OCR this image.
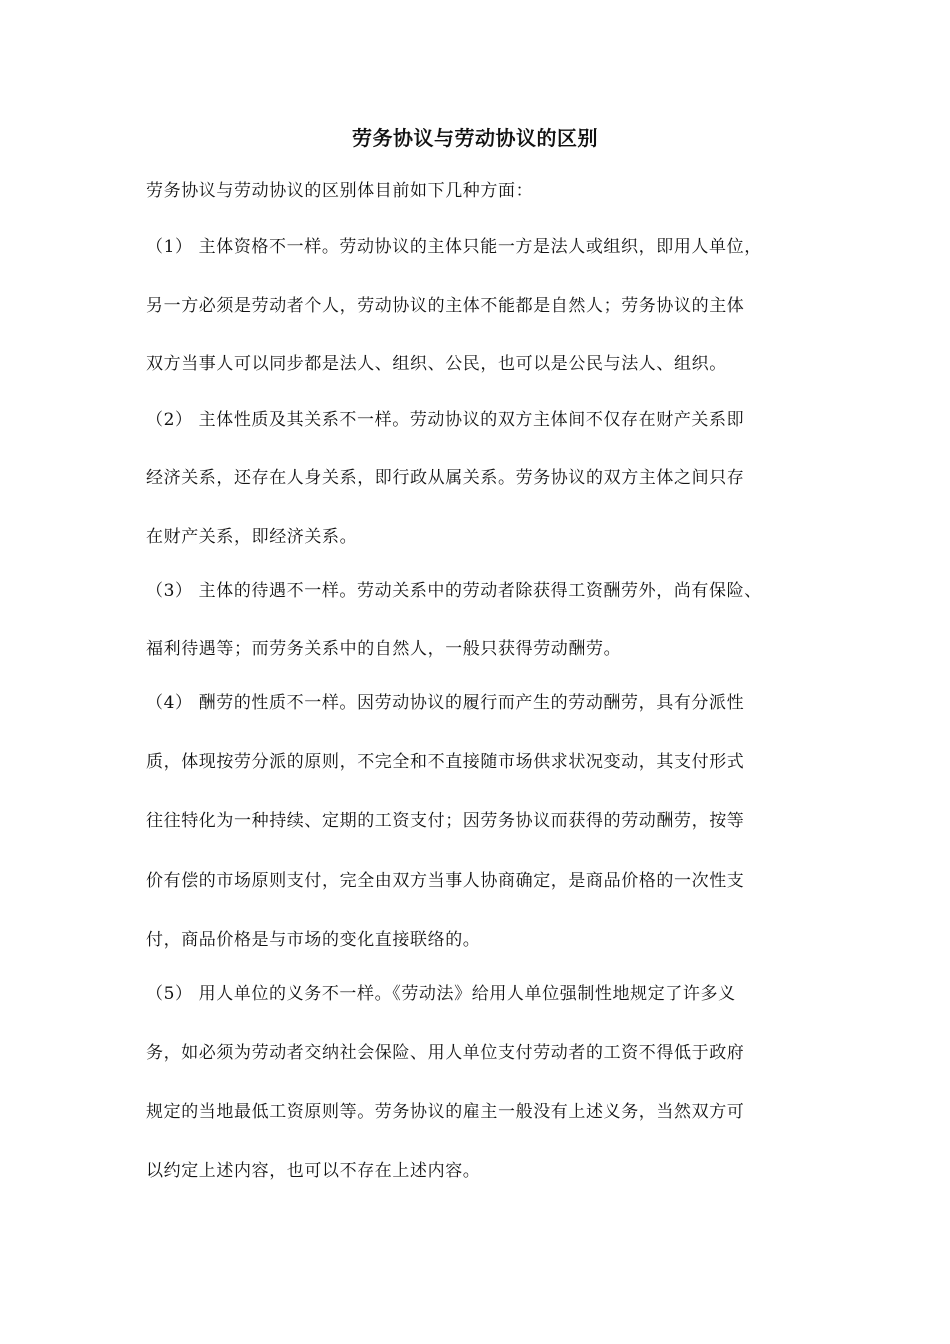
劳务协议与劳动协议的区别
劳务协议与劳动协议的区别体目前如下几种方面：
（1） 主体资格不一样。劳动协议的主体只能一方是法人或组织，即用人单位，
另一方必须是劳动者个人，劳动协议的主体不能都是自然人；劳务协议的主体
双方当事人可以同步都是法人、组织、公民，也可以是公民与法人、组织。
（2） 主体性质及其关系不一样。劳动协议的双方主体间不仅存在财产关系即
经济关系，还存在人身关系，即行政从属关系。劳务协议的双方主体之间只存
在财产关系，即经济关系。
（3） 主体的待遇不一样。劳动关系中的劳动者除获得工资酬劳外，尚有保险、
福利待遇等；而劳务关系中的自然人，一般只获得劳动酬劳。
（4） 酬劳的性质不一样。因劳动协议的履行而产生的劳动酬劳，具有分派性
质，体现按劳分派的原则，不完全和不直接随市场供求状况变动，其支付形式
往往特化为一种持续、定期的工资支付；因劳务协议而获得的劳动酬劳，按等
价有偿的市场原则支付，完全由双方当事人协商确定，是商品价格的一次性支
付，商品价格是与市场的变化直接联络的。
（5） 用人单位的义务不一样。《劳动法》给用人单位强制性地规定了许多义
务，如必须为劳动者交纳社会保险、用人单位支付劳动者的工资不得低于政府
规定的当地最低工资原则等。劳务协议的雇主一般没有上述义务，当然双方可
以约定上述内容，也可以不存在上述内容。
